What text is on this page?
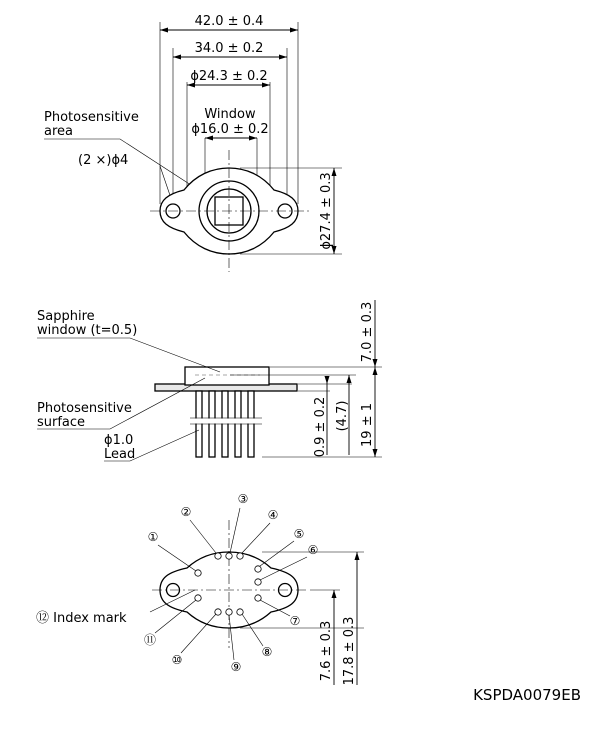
42.0 ± 0.4
34.0 ± 0.2
ϕ24.3 ± 0.2
Window
ϕ16.0 ± 0.2
Photosensitive
area
(2 ×)ϕ4
ϕ27.4 ± 0.3
Sapphire
window (t=0.5)
Photosensitive
surface
ϕ1.0
Lead
7.0 ± 0.3
0.9 ± 0.2 (4.7) 19 ± 1
①
②
③
④
⑤
⑥
⑦
⑧
⑨
⑩
⑪
⑫ Index mark
7.6 ± 0.3 17.8 ± 0.3
KSPDA0079EB
